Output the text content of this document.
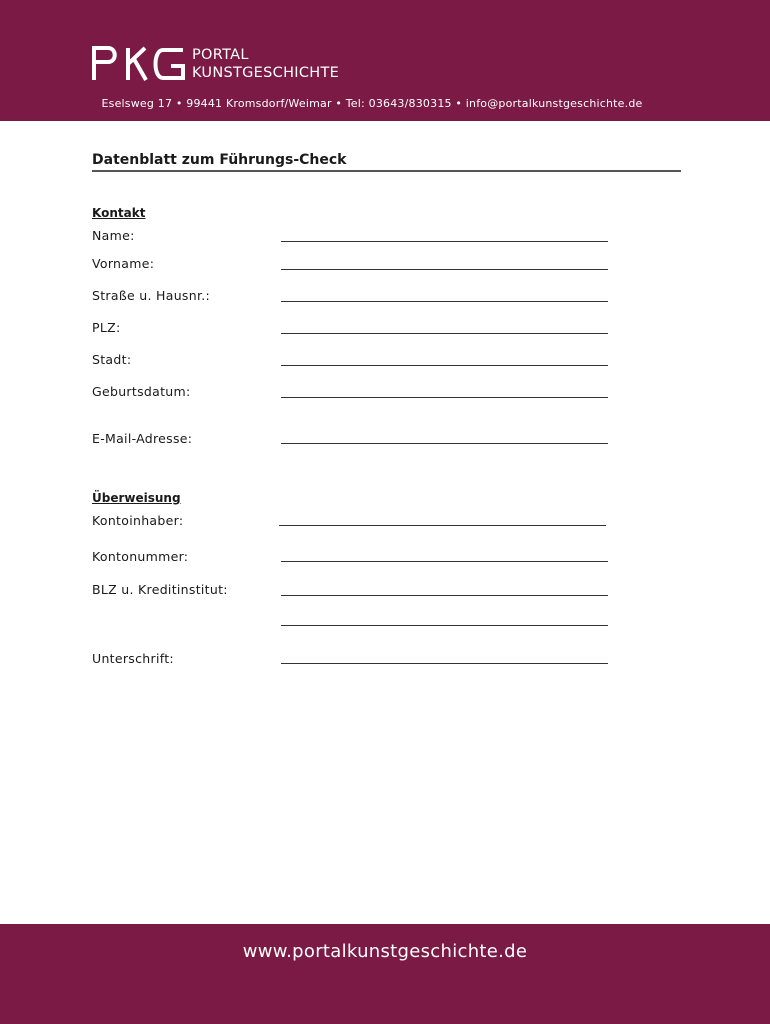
PORTAL
KUNSTGESCHICHTE
Eselsweg 17 • 99441 Kromsdorf/Weimar • Tel: 03643/830315 • info@portalkunstgeschichte.de
Datenblatt zum Führungs-Check
Kontakt
Name:
Vorname:
Straße u. Hausnr.:
PLZ:
Stadt:
Geburtsdatum:
E-Mail-Adresse:
Überweisung
Kontoinhaber:
Kontonummer:
BLZ u. Kreditinstitut:
Unterschrift:
www.portalkunstgeschichte.de
